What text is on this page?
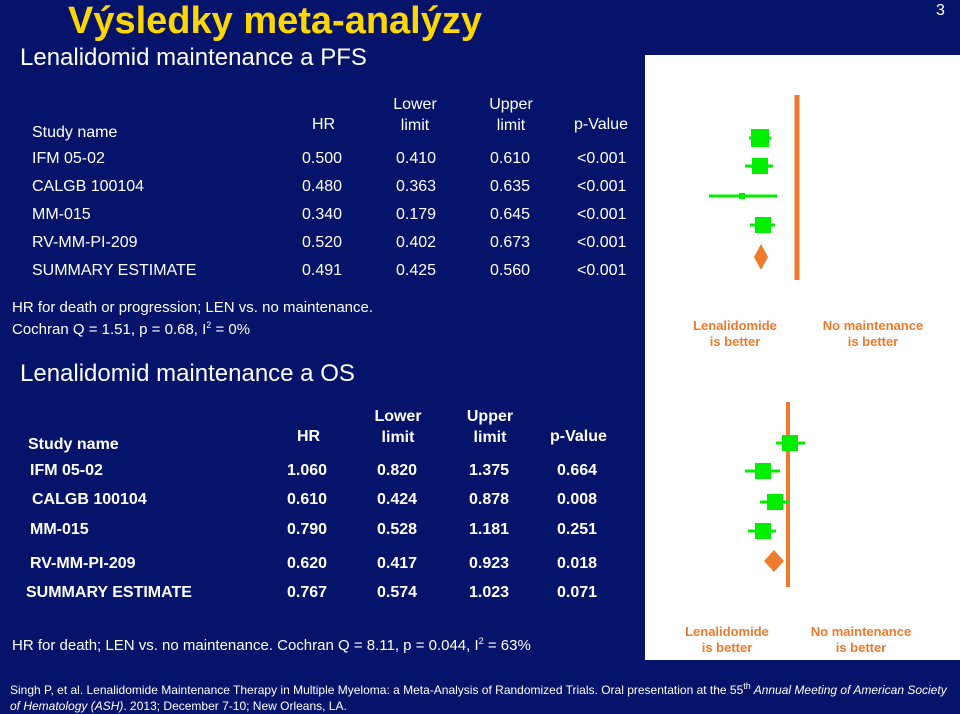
Výsledky meta-analýzy	3
Lenalidomid maintenance a PFS
Study name	HR
Lower
limit
Upper
limit	p-Value
IFM 05-02	0.500	0.410	0.610	<0.001
CALGB 100104	0.480	0.363	0.635	<0.001
MM-015	0.340	0.179	0.645	<0.001
RV-MM-PI-209	0.520	0.402	0.673	<0.001
SUMMARY ESTIMATE	0.491	0.425	0.560	<0.001
HR for death or progression; LEN vs. no maintenance.
Cochran Q = 1.51, p = 0.68, $I^2 = 0\%$
Lenalidomid maintenance a OS
Study name	HR
Lower
limit
Upper
limit	p-Value
IFM 05-02	1.060	0.820	1.375	0.664
CALGB 100104	0.610	0.424	0.878	0.008
MM-015	0.790	0.528	1.181	0.251
RV-MM-PI-209	0.620	0.417	0.923	0.018
SUMMARY ESTIMATE	0.767	0.574	1.023	0.071
HR for death; LEN vs. no maintenance. Cochran Q = 8.11, p = 0.044, $I^2 = 63\%$
Lenalidomide
is better
No maintenance
is better
Lenalidomide
is better
No maintenance
is better
Singh P, et al. Lenalidomide Maintenance Therapy in Multiple Myeloma: a Meta-Analysis of Randomized Trials. Oral presentation at the 55th Annual Meeting of American Society of Hematology (ASH). 2013; December 7-10; New Orleans, LA.
